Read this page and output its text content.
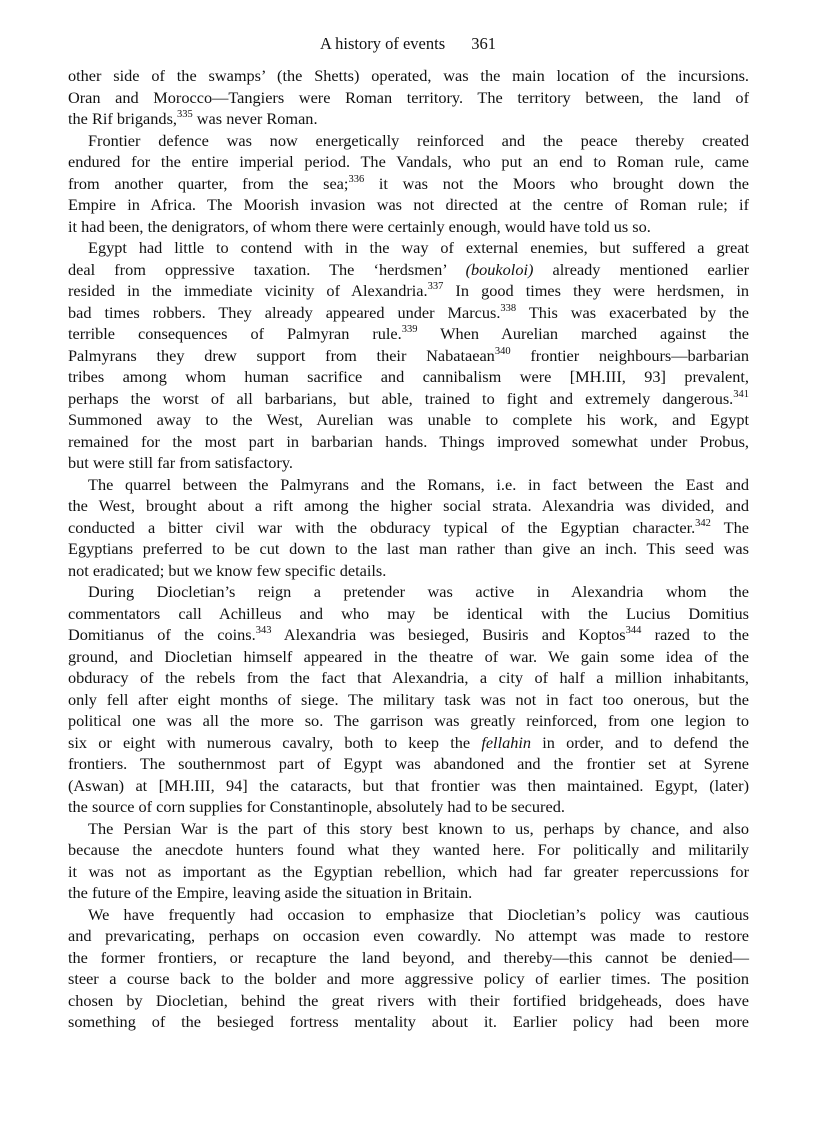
A history of events 361
other side of the swamps’ (the Shetts) operated, was the main location of the incursions.
Oran and Morocco—Tangiers were Roman territory. The territory between, the land of
the Rif brigands,$^{335}$ was never Roman.
Frontier defence was now energetically reinforced and the peace thereby created
endured for the entire imperial period. The Vandals, who put an end to Roman rule, came
from another quarter, from the sea;$^{336}$ it was not the Moors who brought down the
Empire in Africa. The Moorish invasion was not directed at the centre of Roman rule; if
it had been, the denigrators, of whom there were certainly enough, would have told us so.
Egypt had little to contend with in the way of external enemies, but suffered a great
deal from oppressive taxation. The ‘herdsmen’ (boukoloi) already mentioned earlier
resided in the immediate vicinity of Alexandria.$^{337}$ In good times they were herdsmen, in
bad times robbers. They already appeared under Marcus.$^{338}$ This was exacerbated by the
terrible consequences of Palmyran rule.$^{339}$ When Aurelian marched against the
Palmyrans they drew support from their Nabataean$^{340}$ frontier neighbours—barbarian
tribes among whom human sacrifice and cannibalism were [MH.III, 93] prevalent,
perhaps the worst of all barbarians, but able, trained to fight and extremely dangerous.$^{341}$
Summoned away to the West, Aurelian was unable to complete his work, and Egypt
remained for the most part in barbarian hands. Things improved somewhat under Probus,
but were still far from satisfactory.
The quarrel between the Palmyrans and the Romans, i.e. in fact between the East and
the West, brought about a rift among the higher social strata. Alexandria was divided, and
conducted a bitter civil war with the obduracy typical of the Egyptian character.$^{342}$ The
Egyptians preferred to be cut down to the last man rather than give an inch. This seed was
not eradicated; but we know few specific details.
During Diocletian’s reign a pretender was active in Alexandria whom the
commentators call Achilleus and who may be identical with the Lucius Domitius
Domitianus of the coins.$^{343}$ Alexandria was besieged, Busiris and Koptos$^{344}$ razed to the
ground, and Diocletian himself appeared in the theatre of war. We gain some idea of the
obduracy of the rebels from the fact that Alexandria, a city of half a million inhabitants,
only fell after eight months of siege. The military task was not in fact too onerous, but the
political one was all the more so. The garrison was greatly reinforced, from one legion to
six or eight with numerous cavalry, both to keep the fellahin in order, and to defend the
frontiers. The southernmost part of Egypt was abandoned and the frontier set at Syrene
(Aswan) at [MH.III, 94] the cataracts, but that frontier was then maintained. Egypt, (later)
the source of corn supplies for Constantinople, absolutely had to be secured.
The Persian War is the part of this story best known to us, perhaps by chance, and also
because the anecdote hunters found what they wanted here. For politically and militarily
it was not as important as the Egyptian rebellion, which had far greater repercussions for
the future of the Empire, leaving aside the situation in Britain.
We have frequently had occasion to emphasize that Diocletian’s policy was cautious
and prevaricating, perhaps on occasion even cowardly. No attempt was made to restore
the former frontiers, or recapture the land beyond, and thereby—this cannot be denied—
steer a course back to the bolder and more aggressive policy of earlier times. The position
chosen by Diocletian, behind the great rivers with their fortified bridgeheads, does have
something of the besieged fortress mentality about it. Earlier policy had been more
